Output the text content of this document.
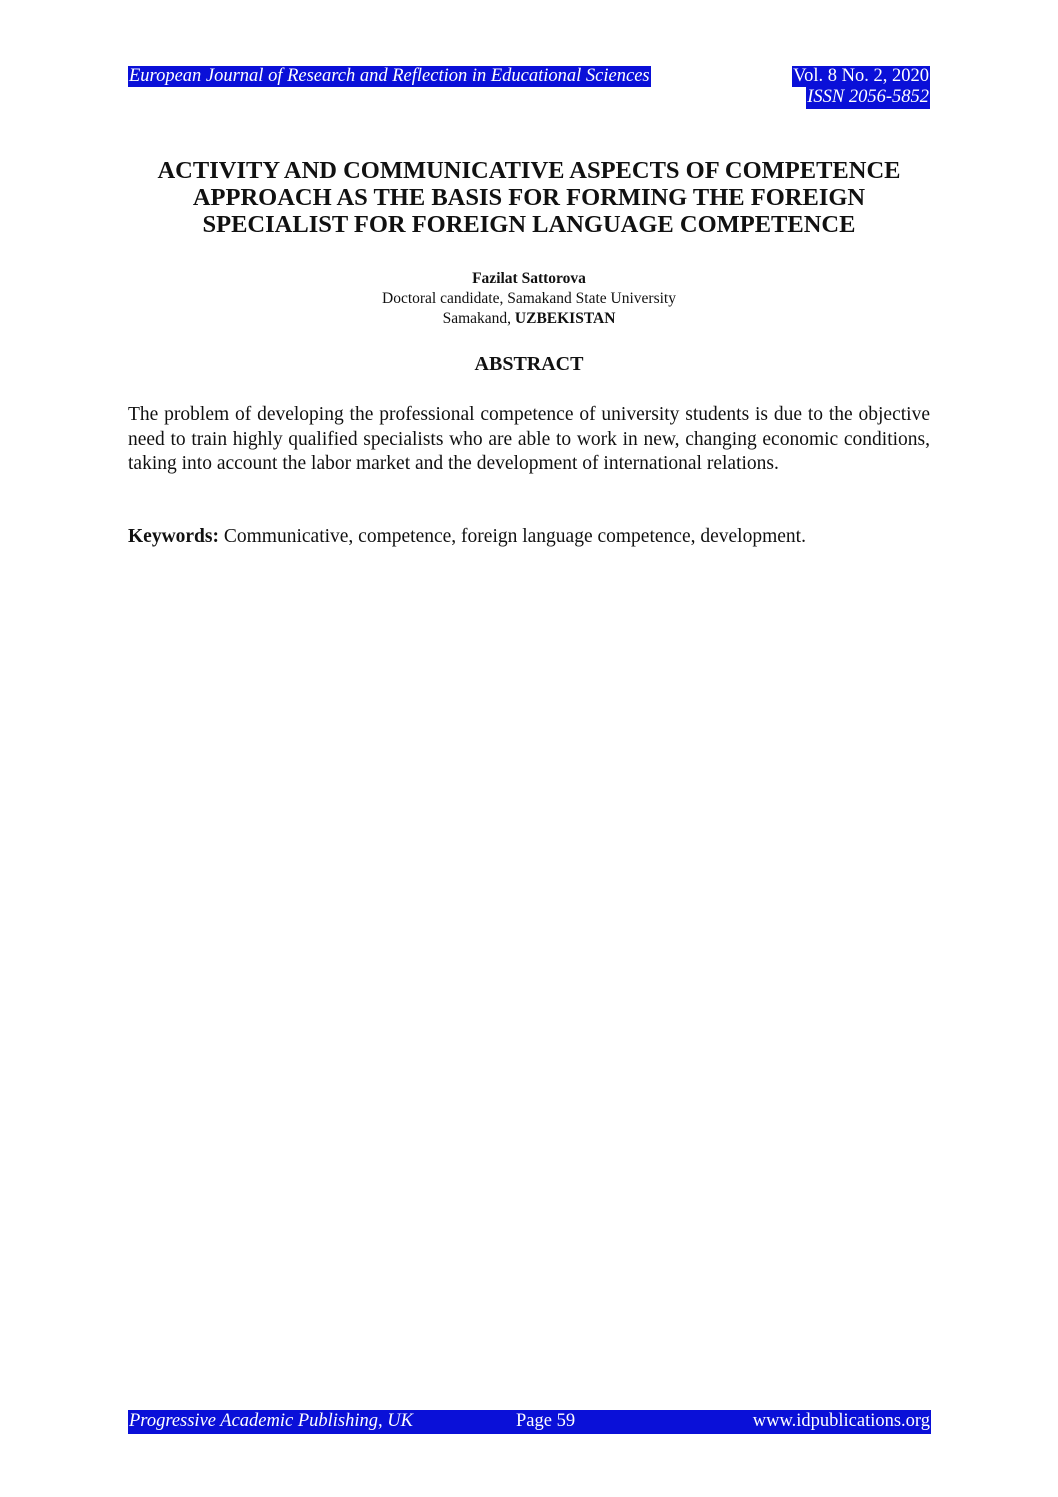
European Journal of Research and Reflection in Educational Sciences	Vol. 8 No. 2, 2020
ISSN 2056-5852
ACTIVITY AND COMMUNICATIVE ASPECTS OF COMPETENCE APPROACH AS THE BASIS FOR FORMING THE FOREIGN SPECIALIST FOR FOREIGN LANGUAGE COMPETENCE
Fazilat Sattorova
Doctoral candidate, Samakand State University
Samakand, UZBEKISTAN
ABSTRACT

The problem of developing the professional competence of university students is due to the objective need to train highly qualified specialists who are able to work in new, changing economic conditions, taking into account the labor market and the development of international relations.

Keywords: Communicative, competence, foreign language competence, development.

Progressive Academic Publishing, UK	Page 59	www.idpublications.org
